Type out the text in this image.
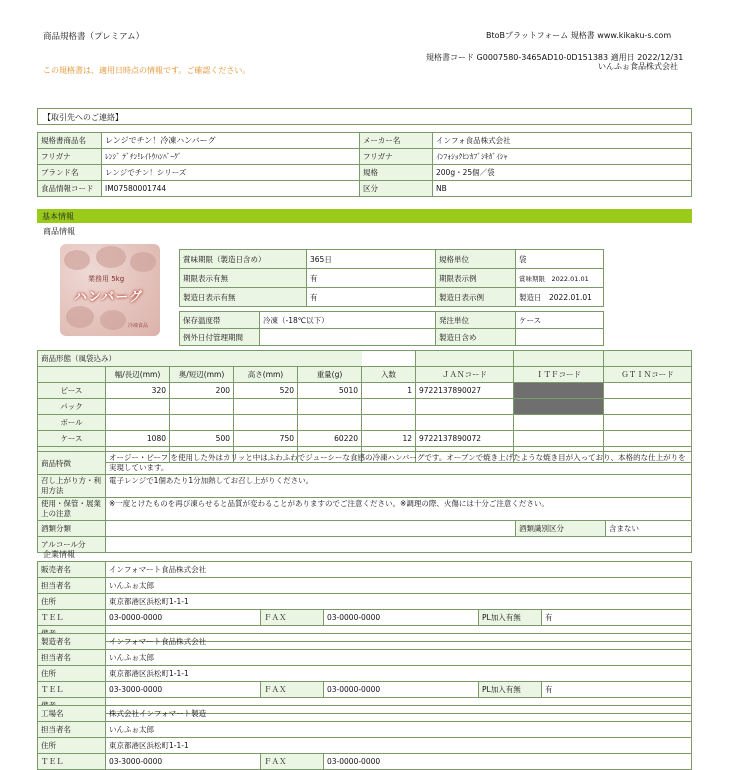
商品規格書（プレミアム）	BtoBプラットフォーム 規格書 www.kikaku-s.com
規格書コード G0007580-3465AD10-0D151383 適用日 2022/12/31
いんふぉ食品株式会社
この規格書は、適用日時点の情報です。ご確認ください。
【取引先へのご連絡】
規格書商品名	レンジでチン！冷凍ハンバーグ	メーカー名	インフォ食品株式会社
フリガナ	ﾚﾝｼﾞ ﾃﾞﾁﾝ!ﾚｲﾄｳﾊﾝﾊﾞｰｸﾞ	フリガナ	ｲﾝﾌｫｼｮｸﾋﾝｶﾌﾞｼｷｶﾞｲｼｬ
ブランド名	レンジでチン！シリーズ	規格	200g・25個／袋
食品情報コード	IM07580001744	区分	NB
基本情報
商品情報
業務用 5kg
ハンバーグ
冷凍食品
賞味期限（製造日含め）	365日	規格単位	袋
期限表示有無	有	期限表示例	賞味期限　2022.01.01
製造日表示有無	有	製造日表示例	製造日　2022.01.01
保存温度帯	冷凍（-18℃以下）	発注単位	ケース
例外日付管理期間		製造日含め	
商品形態（風袋込み）								
	幅/長辺(mm)	奥/短辺(mm)	高さ(mm)	重量(g)	入数	ＪＡＮコード	ＩＴＦコード	ＧＴＩＮコード
ピース	320	200	520	5010	1	9722137890027		
パック								
ボール								
ケース	1080	500	750	60220	12	9722137890072		

商品特徴	オージー・ビーフ を使用した外はカリッと中はふわふわでジューシーな食感の冷凍ハンバーグです。オーブンで焼き上げたような焼き目が入っており、本格的な仕上がりを実現しています。		
召し上がり方・利用方法	電子レンジで1個あたり1分加熱してお召し上がりください。		
使用・保管・展業上の注意	※一度とけたものを再び凍らせると品質が変わることがありますのでご注意ください。※調理の際、火傷には十分ご注意ください。		
酒類分類		酒類識別区分	含まない
アルコール分			
企業情報
販売者名	インフォマート食品株式会社				
担当者名	いんふぉ太郎				
住所	東京都港区浜松町1-1-1				
ＴＥＬ	03-0000-0000	ＦＡＸ	03-0000-0000	PL加入有無	有

製造者名	インフォマート食品株式会社				
担当者名	いんふぉ太郎				
住所	東京都港区浜松町1-1-1				
ＴＥＬ	03-3000-0000	ＦＡＸ	03-0000-0000	PL加入有無	有

工場名	株式会社インフォマート製造		
担当者名	いんふぉ太郎		
住所	東京都港区浜松町1-1-1		
ＴＥＬ	03-3000-0000	ＦＡＸ	03-0000-0000
